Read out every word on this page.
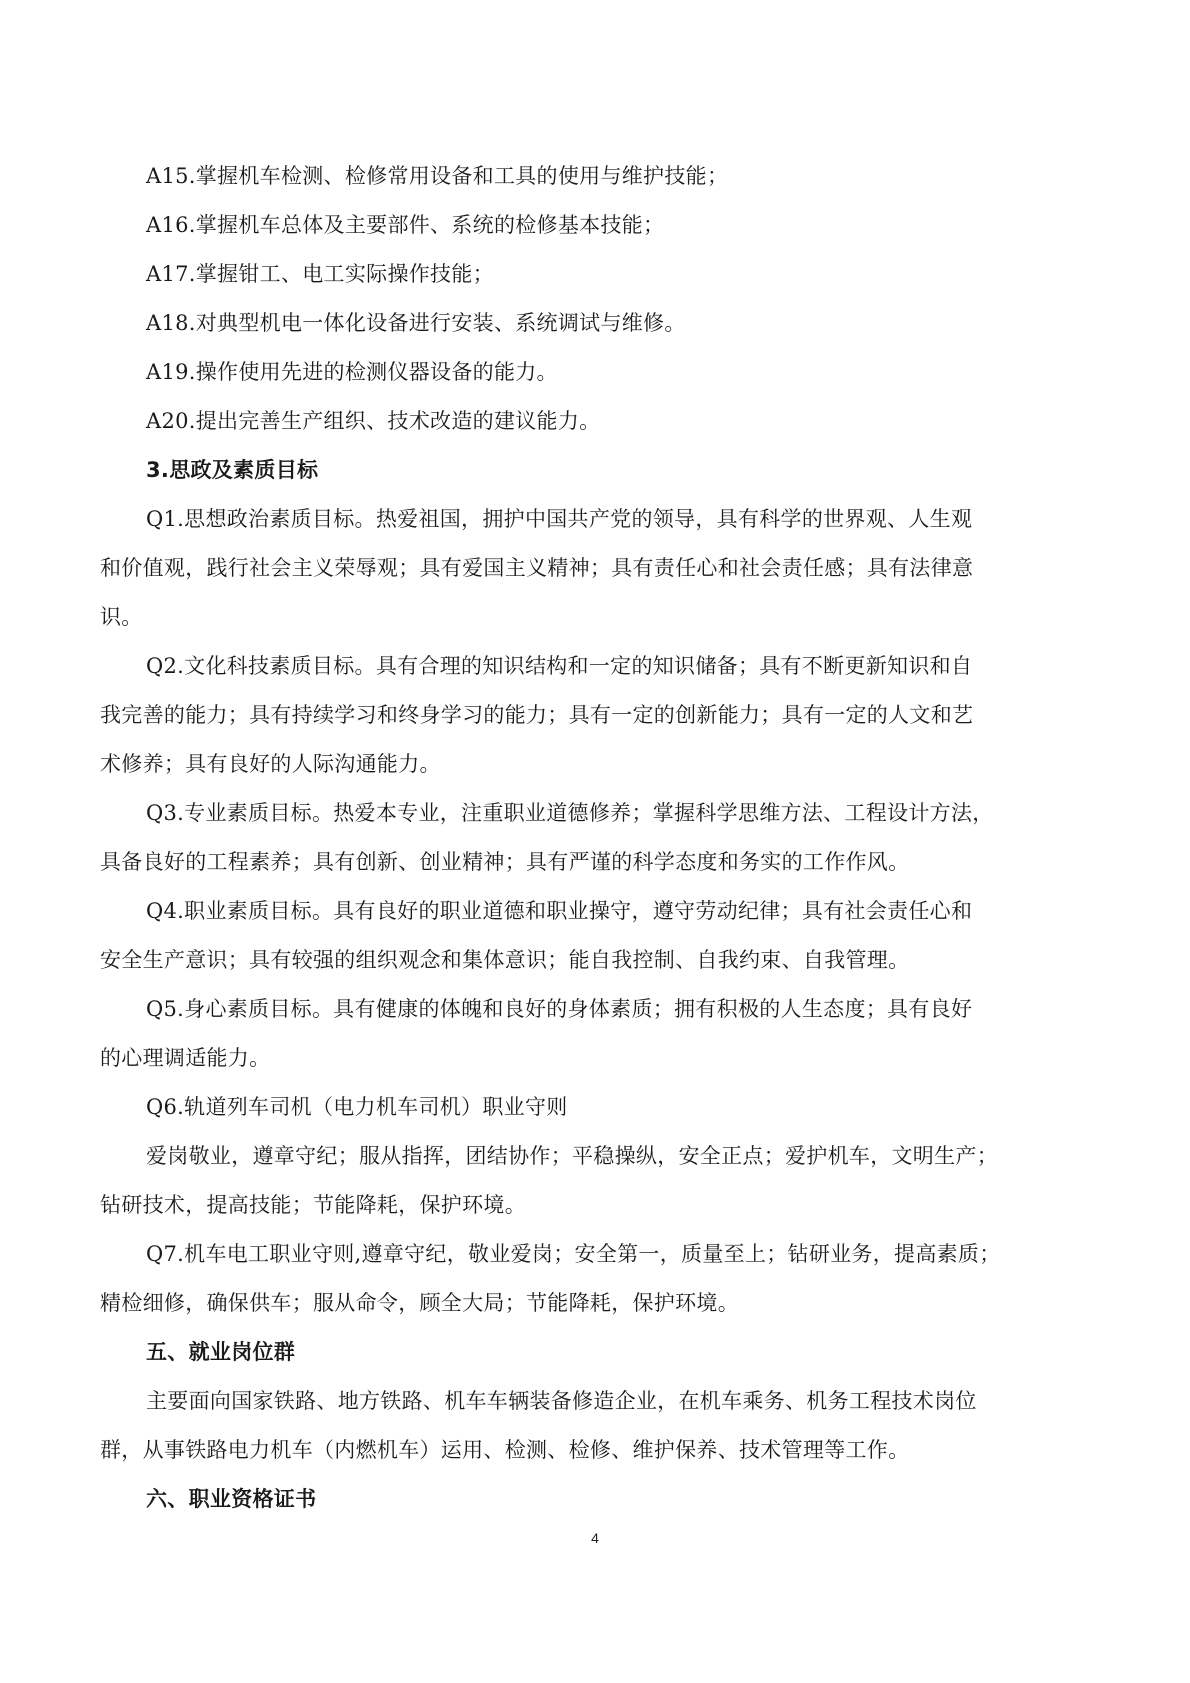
A15.掌握机车检测、检修常用设备和工具的使用与维护技能；
A16.掌握机车总体及主要部件、系统的检修基本技能；
A17.掌握钳工、电工实际操作技能；
A18.对典型机电一体化设备进行安装、系统调试与维修。
A19.操作使用先进的检测仪器设备的能力。
A20.提出完善生产组织、技术改造的建议能力。
3.思政及素质目标
Q1.思想政治素质目标。热爱祖国，拥护中国共产党的领导，具有科学的世界观、人生观
和价值观，践行社会主义荣辱观；具有爱国主义精神；具有责任心和社会责任感；具有法律意
识。
Q2.文化科技素质目标。具有合理的知识结构和一定的知识储备；具有不断更新知识和自
我完善的能力；具有持续学习和终身学习的能力；具有一定的创新能力；具有一定的人文和艺
术修养；具有良好的人际沟通能力。
Q3.专业素质目标。热爱本专业，注重职业道德修养；掌握科学思维方法、工程设计方法，
具备良好的工程素养；具有创新、创业精神；具有严谨的科学态度和务实的工作作风。
Q4.职业素质目标。具有良好的职业道德和职业操守，遵守劳动纪律；具有社会责任心和
安全生产意识；具有较强的组织观念和集体意识；能自我控制、自我约束、自我管理。
Q5.身心素质目标。具有健康的体魄和良好的身体素质；拥有积极的人生态度；具有良好
的心理调适能力。
Q6.轨道列车司机（电力机车司机）职业守则
爱岗敬业，遵章守纪；服从指挥，团结协作；平稳操纵，安全正点；爱护机车，文明生产；
钻研技术，提高技能；节能降耗，保护环境。
Q7.机车电工职业守则,遵章守纪，敬业爱岗；安全第一，质量至上；钻研业务，提高素质；
精检细修，确保供车；服从命令，顾全大局；节能降耗，保护环境。
五、就业岗位群
主要面向国家铁路、地方铁路、机车车辆装备修造企业，在机车乘务、机务工程技术岗位
群，从事铁路电力机车（内燃机车）运用、检测、检修、维护保养、技术管理等工作。
六、职业资格证书
4
